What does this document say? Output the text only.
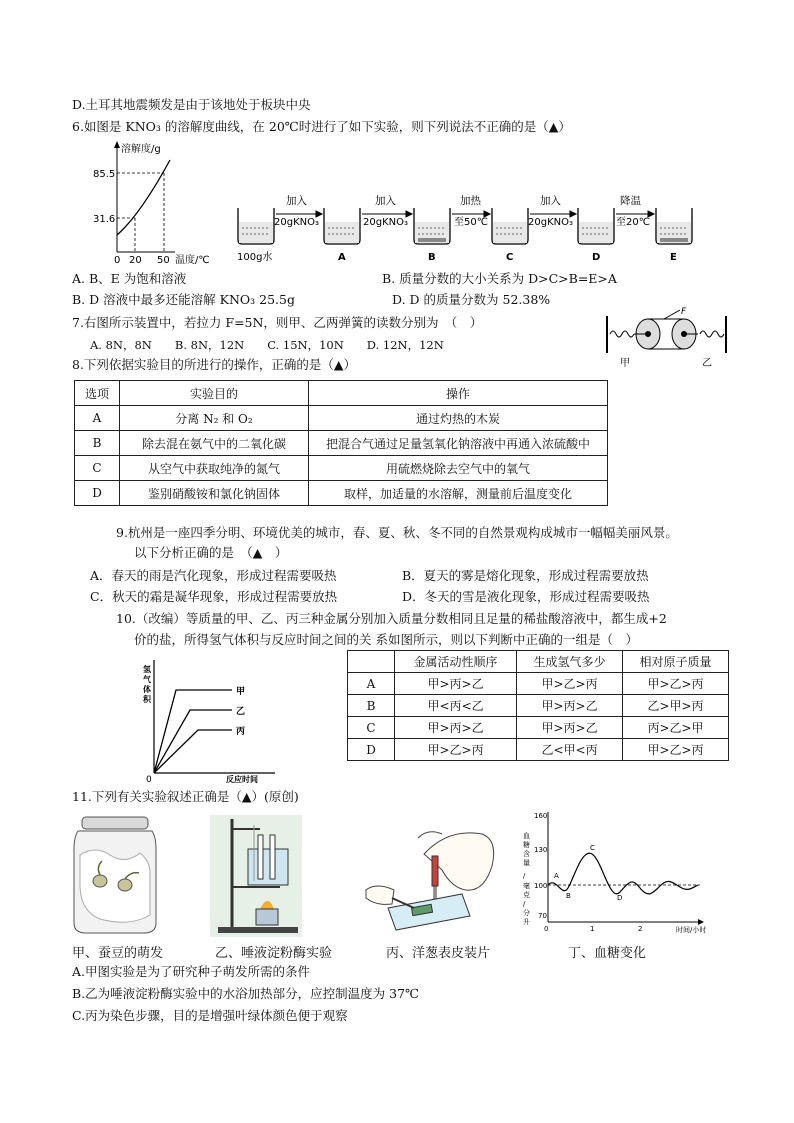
D.土耳其地震频发是由于该地处于板块中央
6.如图是 KNO₃ 的溶解度曲线，在 20℃时进行了如下实验，则下列说法不正确的是（▲）
溶解度/g
85.5
31.6
0 20 50 温度/℃
加入
20gKNO₃
加入
20gKNO₃
加热
至50℃
加入
20gKNO₃
降温
至20℃
100g水	A	B	C	D	E
A. B、E 为饱和溶液	B. 质量分数的大小关系为 D>C>B=E>A
B. D 溶液中最多还能溶解 KNO₃ 25.5g	D. D 的质量分数为 52.38%
7.右图所示装置中，若拉力 F=5N，则甲、乙两弹簧的读数分别为　（　）
A. 8N，8N　　B. 8N，12N　　C. 15N，10N　　D. 12N，12N
F
甲	乙
8.下列依据实验目的所进行的操作，正确的是（▲）
选项	实验目的	操作
A	分离 N₂ 和 O₂	通过灼热的木炭
B	除去混在氨气中的二氧化碳	把混合气通过足量氢氧化钠溶液中再通入浓硫酸中
C	从空气中获取纯净的氮气	用硫燃烧除去空气中的氧气
D	鉴别硝酸铵和氯化钠固体	取样，加适量的水溶解，测量前后温度变化
9.杭州是一座四季分明、环境优美的城市，春、夏、秋、冬不同的自然景观构成城市一幅幅美丽风景。
以下分析正确的是　（▲　）
A．春天的雨是汽化现象，形成过程需要吸热	B．夏天的雾是熔化现象，形成过程需要放热
C．秋天的霜是凝华现象，形成过程需要放热	D．冬天的雪是液化现象，形成过程需要吸热
10.（改编）等质量的甲、乙、丙三种金属分别加入质量分数相同且足量的稀盐酸溶液中，都生成+2
价的盐，所得氢气体积与反应时间之间的关 系如图所示，则以下判断中正确的一组是（　）
氢
气
体
积
甲
乙
丙
0	反应时间
	金属活动性顺序	生成氢气多少	相对原子质量
A	甲>丙>乙	甲>乙>丙	甲>乙>丙
B	甲<丙<乙	甲>丙>乙	乙>甲>丙
C	甲>丙>乙	甲>丙>乙	丙>乙>甲
D	甲>乙>丙	乙<甲<丙	甲>乙>丙
11.下列有关实验叙述正确是（▲）(原创)
血
糖
含
量
/
毫
克
/
分
升
160
130
100
70
A
B
C
D
0	1	2	时间/小时
甲、蚕豆的萌发	乙、唾液淀粉酶实验	丙、洋葱表皮装片	丁、血糖变化
A.甲图实验是为了研究种子萌发所需的条件
B.乙为唾液淀粉酶实验中的水浴加热部分，应控制温度为 37℃
C.丙为染色步骤，目的是增强叶绿体颜色便于观察
